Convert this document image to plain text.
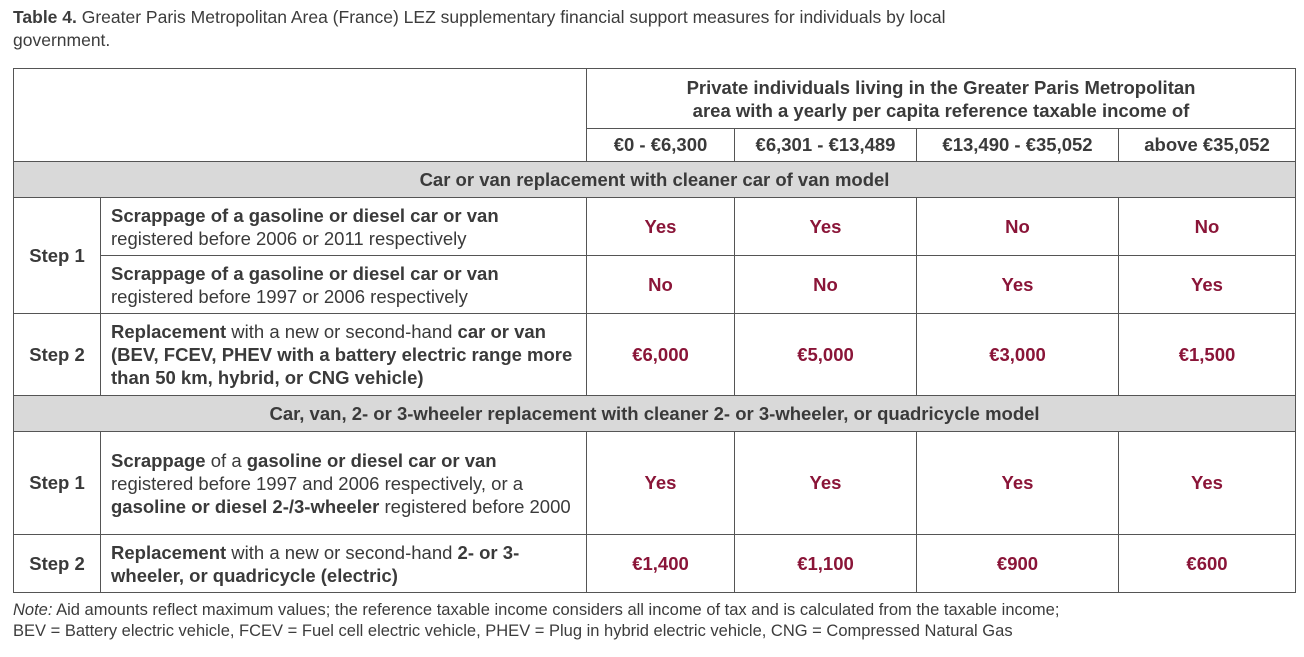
Table 4. Greater Paris Metropolitan Area (France) LEZ supplementary financial support measures for individuals by local government.

		Private individuals living in the Greater Paris Metropolitan
area with a yearly per capita reference taxable income of			

		€0 - €6,300	€6,301 - €13,489	€13,490 - €35,052	above €35,052
Car or van replacement with cleaner car of van model					
Step 1	Scrappage of a gasoline or diesel car or van
registered before 2006 or 2011 respectively	Yes	Yes	No	No
	Scrappage of a gasoline or diesel car or van
registered before 1997 or 2006 respectively	No	No	Yes	Yes
Step 2	Replacement with a new or second-hand car or van (BEV, FCEV, PHEV with a battery electric range more than 50 km, hybrid, or CNG vehicle)	€6,000	€5,000	€3,000	€1,500
Car, van, 2- or 3-wheeler replacement with cleaner 2- or 3-wheeler, or quadricycle model					
Step 1	Scrappage of a gasoline or diesel car or van registered before 1997 and 2006 respectively, or a gasoline or diesel 2-/3-wheeler registered before 2000	Yes	Yes	Yes	Yes
Step 2	Replacement with a new or second-hand 2- or 3-wheeler, or quadricycle (electric)	€1,400	€1,100	€900	€600
Note: Aid amounts reflect maximum values; the reference taxable income considers all income of tax and is calculated from the taxable income;
BEV = Battery electric vehicle, FCEV = Fuel cell electric vehicle, PHEV = Plug in hybrid electric vehicle, CNG = Compressed Natural Gas
